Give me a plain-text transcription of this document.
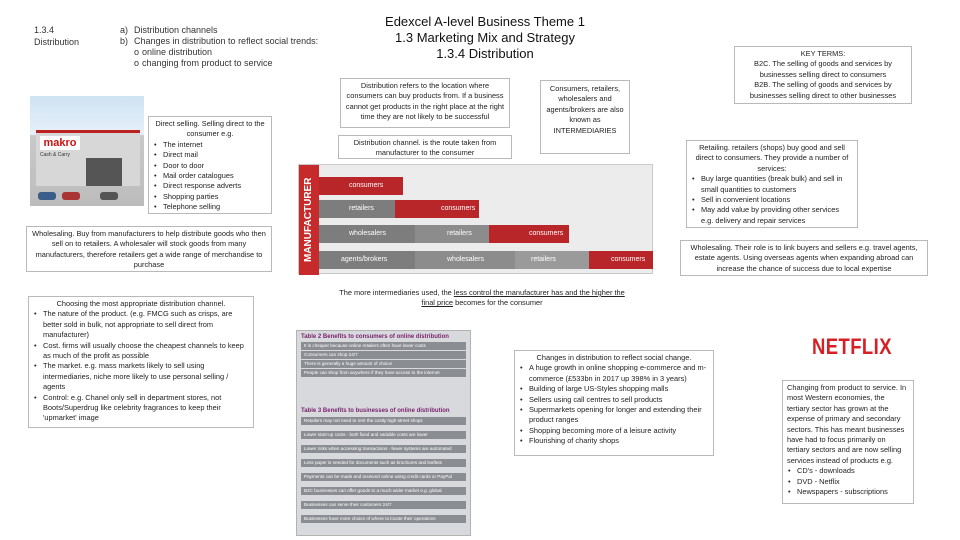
1.3.4
Distribution
a) Distribution channels
b) Changes in distribution to reflect social trends:
o online distribution
o changing from product to service
Edexcel A-level Business Theme 1
1.3 Marketing Mix and Strategy
1.3.4 Distribution	KEY TERMS:
B2C. The selling of goods and services by businesses selling direct to consumers
B2B. The selling of goods and services by businesses selling direct to other businesses
Distribution refers to the location where consumers can buy products from. If a business cannot get products in the right place at the right time they are not likely to be successful
Distribution channel. is the route taken from manufacturer to the consumer
Consumers, retailers, wholesalers and agents/brokers are also known as INTERMEDIARIES
makro
Cash & Carry
Direct selling. Selling direct to the consumer e.g.
• The internet
• Direct mail
• Door to door
• Mail order catalogues
• Direct response adverts
• Shopping parties
• Telephone selling
Wholesaling. Buy from manufacturers to help distribute goods who then sell on to retailers. A wholesaler will stock goods from many manufacturers, therefore retailers get a wide range of merchandise to purchase
MANUFACTURER	consumers
retailers	consumers
wholesalers	retailers	consumers
agents/brokers	wholesalers	retailers	consumers
Retailing. retailers (shops) buy good and sell direct to consumers. They provide a number of services:
• Buy large quantities (break bulk) and sell in small quantities to customers
• Sell in convenient locations
• May add value by providing other services e.g. delivery and repair services
Wholesaling. Their role is to link buyers and sellers e.g. travel agents, estate agents. Using overseas agents when expanding abroad can increase the chance of success due to local expertise
The more intermediaries used, the less control the manufacturer has and the higher the final price becomes for the consumer
Choosing the most appropriate distribution channel.
• The nature of the product. (e.g. FMCG such as crisps, are better sold in bulk, not appropriate to sell direct from manufacturer)
• Cost. firms will usually choose the cheapest channels to keep as much of the profit as possible
• The market. e.g. mass markets likely to sell using intermediaries, niche more likely to use personal selling / agents
• Control: e.g. Chanel only sell in department stores, not Boots/Superdrug like celebrity fragrances to keep their 'upmarket' image
Table 2 Benefits to consumers of online distribution
It is cheaper because online retailers often have lower costs
Consumers can shop 24/7
There is generally a huge amount of choice
People can shop from anywhere if they have access to the internet
Table 3 Benefits to businesses of online distribution
Retailers may not need to rent the costly high-street shops
Lower start-up costs - both fixed and variable costs are lower
Lower risks when accessing transactions - fewer systems are automated
Less paper is needed for documents such as brochures and leaflets
Payments can be made and received online using credit cards or PayPal
B2C businesses can offer goods to a much wider market e.g. global
Businesses can serve their customers 24/7
Businesses have more choice of where to locate their operations
Changes in distribution to reflect social change.
• A huge growth in online shopping e-commerce and m-commerce (£533bn in 2017 up 398% in 3 years)
• Building of large US-Styles shopping malls
• Sellers using call centres to sell products
• Supermarkets opening for longer and extending their product ranges
• Shopping becoming more of a leisure activity
• Flourishing of charity shops
NETFLIX
Changing from product to service. In most Western economies, the tertiary sector has grown at the expense of primary and secondary sectors. This has meant businesses have had to focus primarily on tertiary sectors and are now selling services instead of products e.g.
• CD's - downloads
• DVD - Netflix
• Newspapers - subscriptions
